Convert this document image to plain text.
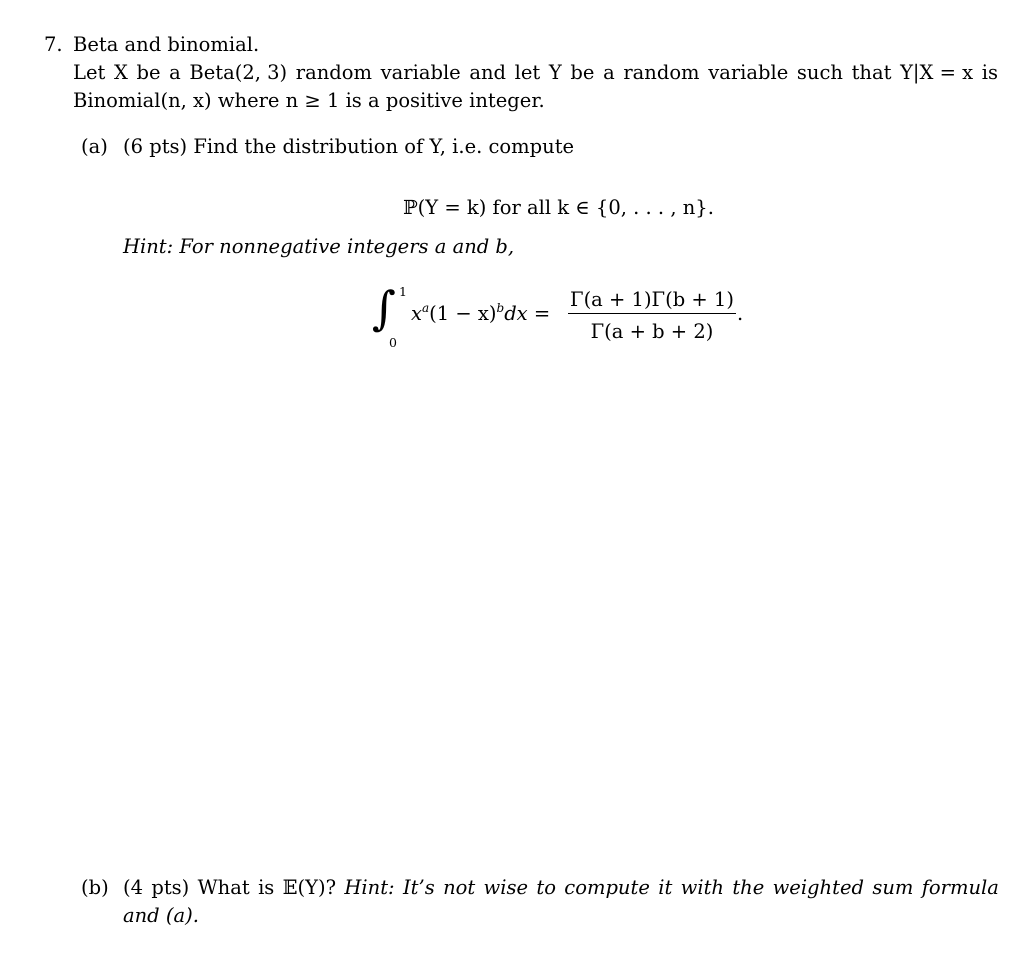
7. Beta and binomial.
Let X be a Beta(2, 3) random variable and let Y be a random variable such that Y|X = x is
Binomial(n, x) where n ≥ 1 is a positive integer.
(a) (6 pts) Find the distribution of Y, i.e. compute
ℙ(Y = k) for all k ∈ {0, . . . , n}.
Hint: For nonnegative integers a and b,
∫ 1
0
$x^a(1 - x)^bdx$ =
Γ(a + 1)Γ(b + 1)
Γ(a + b + 2)
.
(b) (4 pts) What is 𝔼(Y)? Hint: It’s not wise to compute it with the weighted sum formula
and (a).
